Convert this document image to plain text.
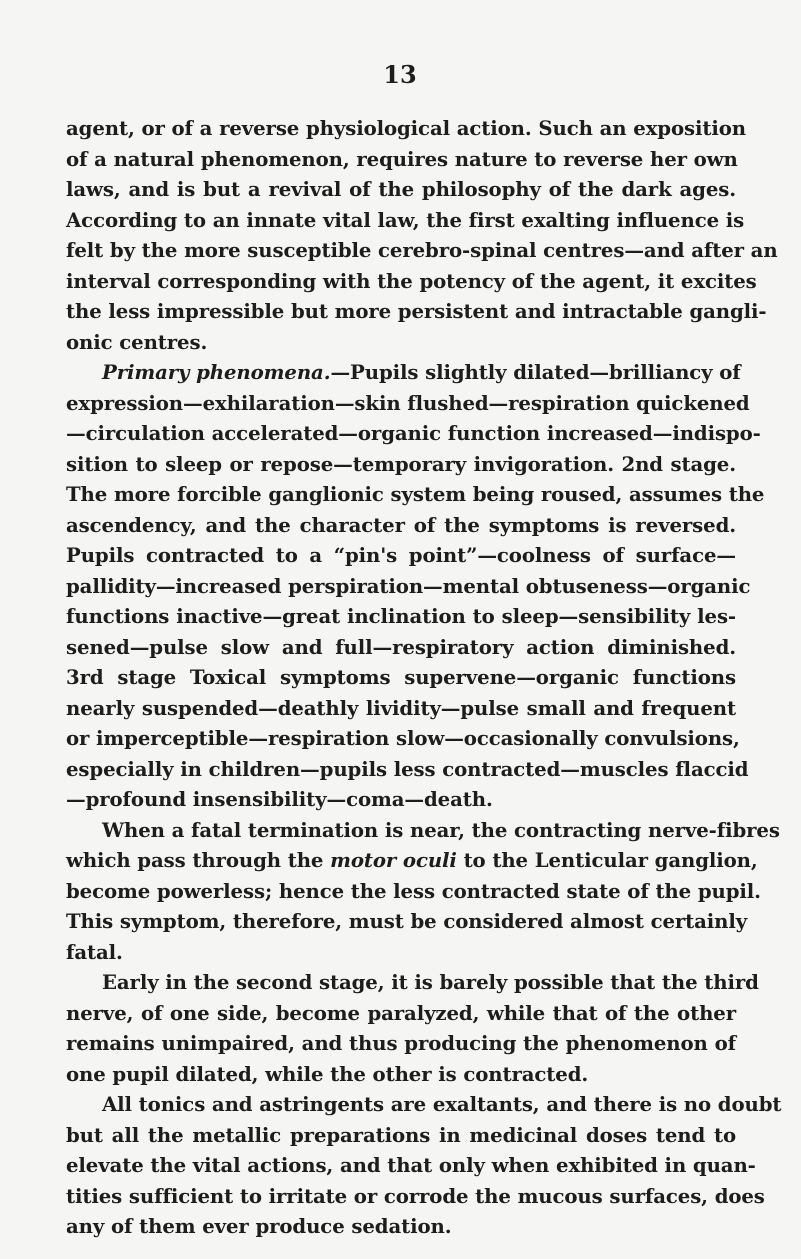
13
agent, or of a reverse physiological action. Such an exposition
of a natural phenomenon, requires nature to reverse her own
laws, and is but a revival of the philosophy of the dark ages.
According to an innate vital law, the first exalting influence is
felt by the more susceptible cerebro-spinal centres—and after an
interval corresponding with the potency of the agent, it excites
the less impressible but more persistent and intractable gangli-
onic centres.
Primary phenomena.—Pupils slightly dilated—brilliancy of
expression—exhilaration—skin flushed—respiration quickened
—circulation accelerated—organic function increased—indispo-
sition to sleep or repose—temporary invigoration. 2nd stage.
The more forcible ganglionic system being roused, assumes the
ascendency, and the character of the symptoms is reversed.
Pupils contracted to a “pin's point”—coolness of surface—
pallidity—increased perspiration—mental obtuseness—organic
functions inactive—great inclination to sleep—sensibility les-
sened—pulse slow and full—respiratory action diminished.
3rd stage Toxical symptoms supervene—organic functions
nearly suspended—deathly lividity—pulse small and frequent
or imperceptible—respiration slow—occasionally convulsions,
especially in children—pupils less contracted—muscles flaccid
—profound insensibility—coma—death.
When a fatal termination is near, the contracting nerve-fibres
which pass through the motor oculi to the Lenticular ganglion,
become powerless; hence the less contracted state of the pupil.
This symptom, therefore, must be considered almost certainly
fatal.
Early in the second stage, it is barely possible that the third
nerve, of one side, become paralyzed, while that of the other
remains unimpaired, and thus producing the phenomenon of
one pupil dilated, while the other is contracted.
All tonics and astringents are exaltants, and there is no doubt
but all the metallic preparations in medicinal doses tend to
elevate the vital actions, and that only when exhibited in quan-
tities sufficient to irritate or corrode the mucous surfaces, does
any of them ever produce sedation.
